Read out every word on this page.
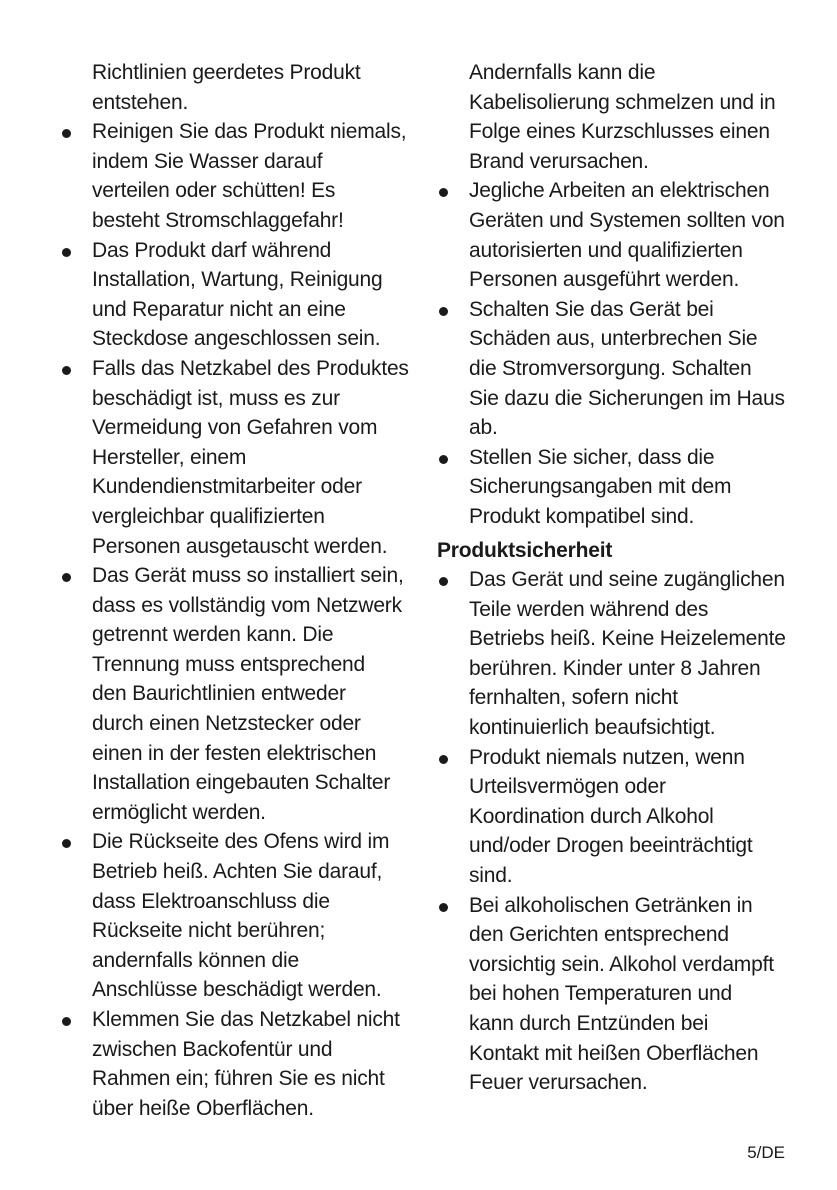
Richtlinien geerdetes Produkt
entstehen.
Reinigen Sie das Produkt niemals,
indem Sie Wasser darauf
verteilen oder schütten! Es
besteht Stromschlaggefahr!
Das Produkt darf während
Installation, Wartung, Reinigung
und Reparatur nicht an eine
Steckdose angeschlossen sein.
Falls das Netzkabel des Produktes
beschädigt ist, muss es zur
Vermeidung von Gefahren vom
Hersteller, einem
Kundendienstmitarbeiter oder
vergleichbar qualifizierten
Personen ausgetauscht werden.
Das Gerät muss so installiert sein,
dass es vollständig vom Netzwerk
getrennt werden kann. Die
Trennung muss entsprechend
den Baurichtlinien entweder
durch einen Netzstecker oder
einen in der festen elektrischen
Installation eingebauten Schalter
ermöglicht werden.
Die Rückseite des Ofens wird im
Betrieb heiß. Achten Sie darauf,
dass Elektroanschluss die
Rückseite nicht berühren;
andernfalls können die
Anschlüsse beschädigt werden.
Klemmen Sie das Netzkabel nicht
zwischen Backofentür und
Rahmen ein; führen Sie es nicht
über heiße Oberflächen.
Andernfalls kann die
Kabelisolierung schmelzen und in
Folge eines Kurzschlusses einen
Brand verursachen.
Jegliche Arbeiten an elektrischen
Geräten und Systemen sollten von
autorisierten und qualifizierten
Personen ausgeführt werden.
Schalten Sie das Gerät bei
Schäden aus, unterbrechen Sie
die Stromversorgung. Schalten
Sie dazu die Sicherungen im Haus
ab.
Stellen Sie sicher, dass die
Sicherungsangaben mit dem
Produkt kompatibel sind.
Produktsicherheit
Das Gerät und seine zugänglichen
Teile werden während des
Betriebs heiß. Keine Heizelemente
berühren. Kinder unter 8 Jahren
fernhalten, sofern nicht
kontinuierlich beaufsichtigt.
Produkt niemals nutzen, wenn
Urteilsvermögen oder
Koordination durch Alkohol
und/oder Drogen beeinträchtigt
sind.
Bei alkoholischen Getränken in
den Gerichten entsprechend
vorsichtig sein. Alkohol verdampft
bei hohen Temperaturen und
kann durch Entzünden bei
Kontakt mit heißen Oberflächen
Feuer verursachen.
5/DE
